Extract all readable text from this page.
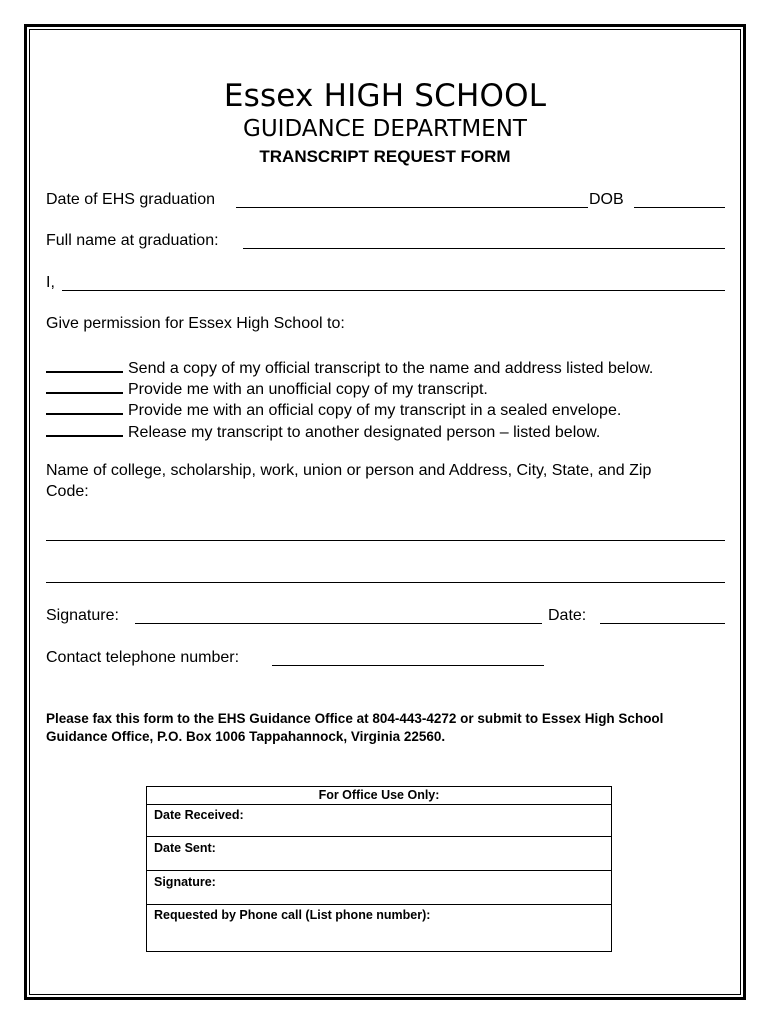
Essex HIGH SCHOOL
GUIDANCE DEPARTMENT
TRANSCRIPT REQUEST FORM
Date of EHS graduation	DOB
Full name at graduation:
I,
Give permission for Essex High School to:
Send a copy of my official transcript to the name and address listed below.
Provide me with an unofficial copy of my transcript.
Provide me with an official copy of my transcript in a sealed envelope.
Release my transcript to another designated person – listed below.
Name of college, scholarship, work, union or person and Address, City, State, and Zip
Code:
Signature:	Date:
Contact telephone number:
Please fax this form to the EHS Guidance Office at 804-443-4272 or submit to Essex High School Guidance Office, P.O. Box 1006 Tappahannock, Virginia 22560.
For Office Use Only:
Date Received:
Date Sent:
Signature:
Requested by Phone call (List phone number):
